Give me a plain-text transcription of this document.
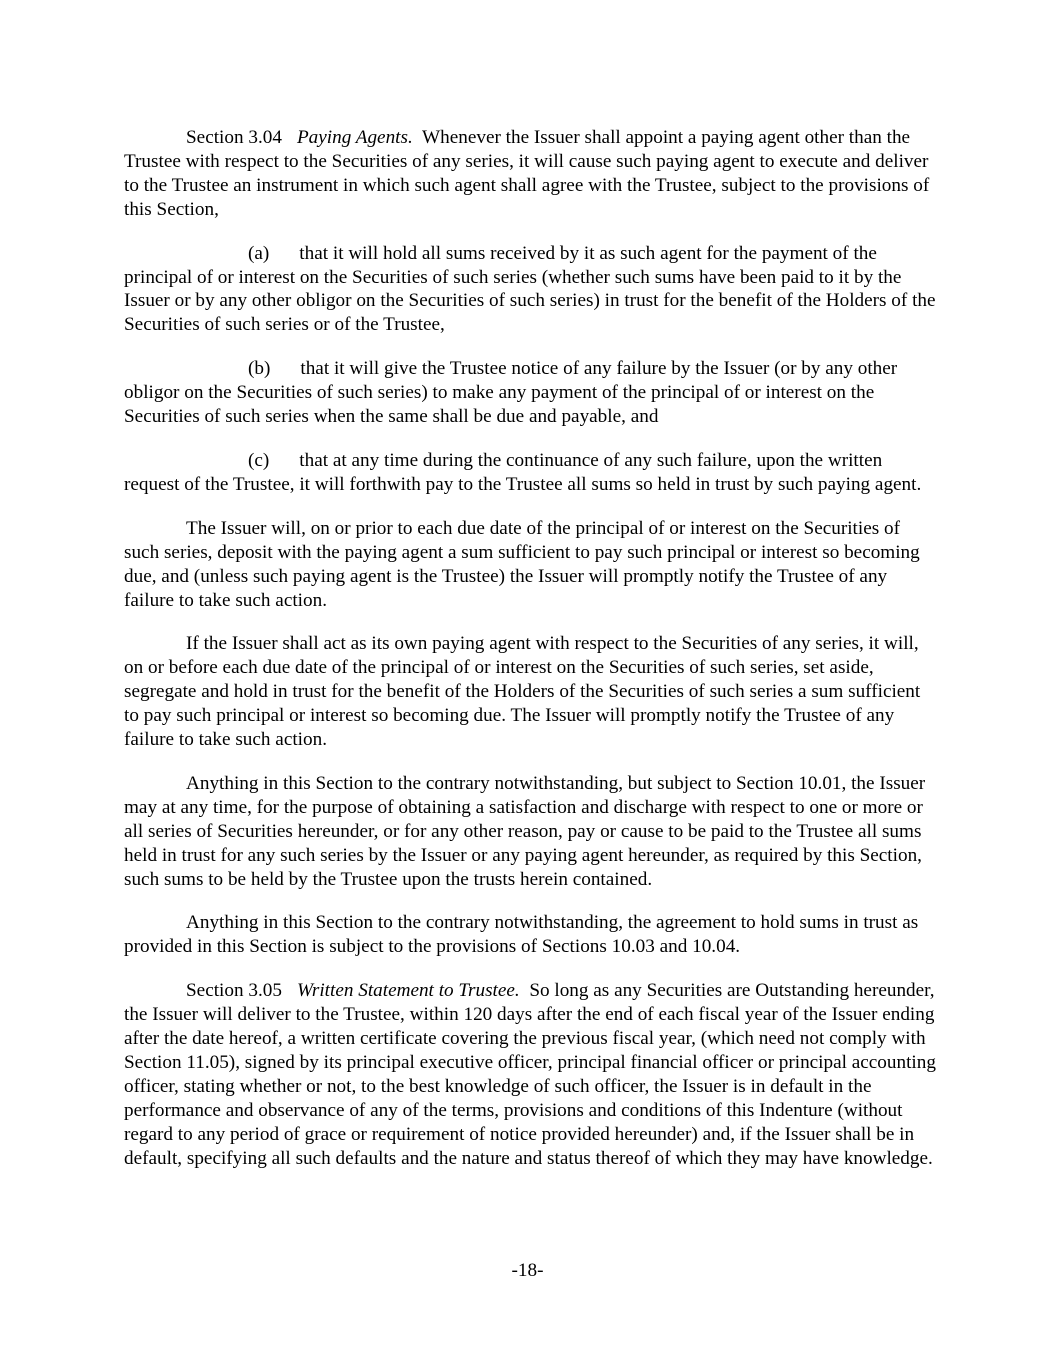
Section 3.04 Paying Agents. Whenever the Issuer shall appoint a paying agent other than the Trustee with respect to the Securities of any series, it will cause such paying agent to execute and deliver to the Trustee an instrument in which such agent shall agree with the Trustee, subject to the provisions of this Section,

(a) that it will hold all sums received by it as such agent for the payment of the principal of or interest on the Securities of such series (whether such sums have been paid to it by the Issuer or by any other obligor on the Securities of such series) in trust for the benefit of the Holders of the Securities of such series or of the Trustee,

(b) that it will give the Trustee notice of any failure by the Issuer (or by any other obligor on the Securities of such series) to make any payment of the principal of or interest on the Securities of such series when the same shall be due and payable, and

(c) that at any time during the continuance of any such failure, upon the written request of the Trustee, it will forthwith pay to the Trustee all sums so held in trust by such paying agent.

The Issuer will, on or prior to each due date of the principal of or interest on the Securities of such series, deposit with the paying agent a sum sufficient to pay such principal or interest so becoming due, and (unless such paying agent is the Trustee) the Issuer will promptly notify the Trustee of any failure to take such action.

If the Issuer shall act as its own paying agent with respect to the Securities of any series, it will, on or before each due date of the principal of or interest on the Securities of such series, set aside, segregate and hold in trust for the benefit of the Holders of the Securities of such series a sum sufficient to pay such principal or interest so becoming due. The Issuer will promptly notify the Trustee of any failure to take such action.

Anything in this Section to the contrary notwithstanding, but subject to Section 10.01, the Issuer may at any time, for the purpose of obtaining a satisfaction and discharge with respect to one or more or all series of Securities hereunder, or for any other reason, pay or cause to be paid to the Trustee all sums held in trust for any such series by the Issuer or any paying agent hereunder, as required by this Section, such sums to be held by the Trustee upon the trusts herein contained.

Anything in this Section to the contrary notwithstanding, the agreement to hold sums in trust as provided in this Section is subject to the provisions of Sections 10.03 and 10.04.

Section 3.05 Written Statement to Trustee. So long as any Securities are Outstanding hereunder, the Issuer will deliver to the Trustee, within 120 days after the end of each fiscal year of the Issuer ending after the date hereof, a written certificate covering the previous fiscal year, (which need not comply with Section 11.05), signed by its principal executive officer, principal financial officer or principal accounting officer, stating whether or not, to the best knowledge of such officer, the Issuer is in default in the performance and observance of any of the terms, provisions and conditions of this Indenture (without regard to any period of grace or requirement of notice provided hereunder) and, if the Issuer shall be in default, specifying all such defaults and the nature and status thereof of which they may have knowledge.

-18-
